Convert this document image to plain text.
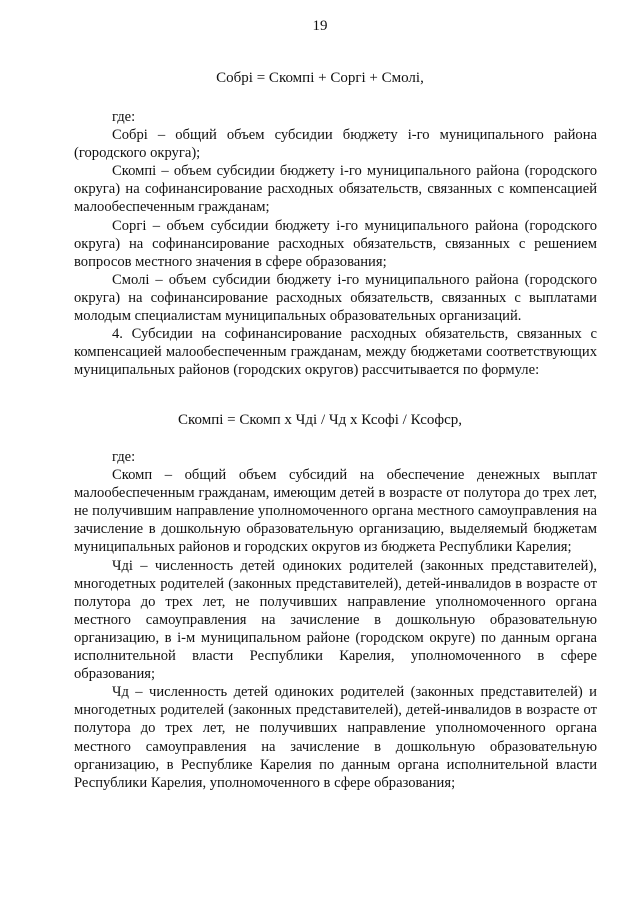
19
Собрi = Скомпi + Соргi + Смолi,

где:

Собрi – общий объем субсидии бюджету i-го муниципального района (городского округа);

Скомпi – объем субсидии бюджету i-го муниципального района (городского округа) на софинансирование расходных обязательств, связанных с компенсацией малообеспеченным гражданам;

Соргi – объем субсидии бюджету i-го муниципального района (городского округа) на софинансирование расходных обязательств, связанных с решением вопросов местного значения в сфере образования;

Смолi – объем субсидии бюджету i-го муниципального района (городского округа) на софинансирование расходных обязательств, связанных с выплатами молодым специалистам муниципальных образовательных организаций.

4. Субсидии на софинансирование расходных обязательств, связанных с компенсацией малообеспеченным гражданам, между бюджетами соответствующих муниципальных районов (городских округов) рассчитывается по формуле:

Скомпi = Скомп х Чдi / Чд х Ксофi / Ксофср,

где:

Скомп – общий объем субсидий на обеспечение денежных выплат малообеспеченным гражданам, имеющим детей в возрасте от полутора до трех лет, не получившим направление уполномоченного органа местного самоуправления на зачисление в дошкольную образовательную организацию, выделяемый бюджетам муниципальных районов и городских округов из бюджета Республики Карелия;

Чдi – численность детей одиноких родителей (законных представителей), многодетных родителей (законных представителей), детей-инвалидов в возрасте от полутора до трех лет, не получивших направление уполномоченного органа местного самоуправления на зачисление в дошкольную образовательную организацию, в i-м муниципальном районе (городском округе) по данным органа исполнительной власти Республики Карелия, уполномоченного в сфере образования;

Чд – численность детей одиноких родителей (законных представителей) и многодетных родителей (законных представителей), детей-инвалидов в возрасте от полутора до трех лет, не получивших направление уполномоченного органа местного самоуправления на зачисление в дошкольную образовательную организацию, в Республике Карелия по данным органа исполнительной власти Республики Карелия, уполномоченного в сфере образования;
